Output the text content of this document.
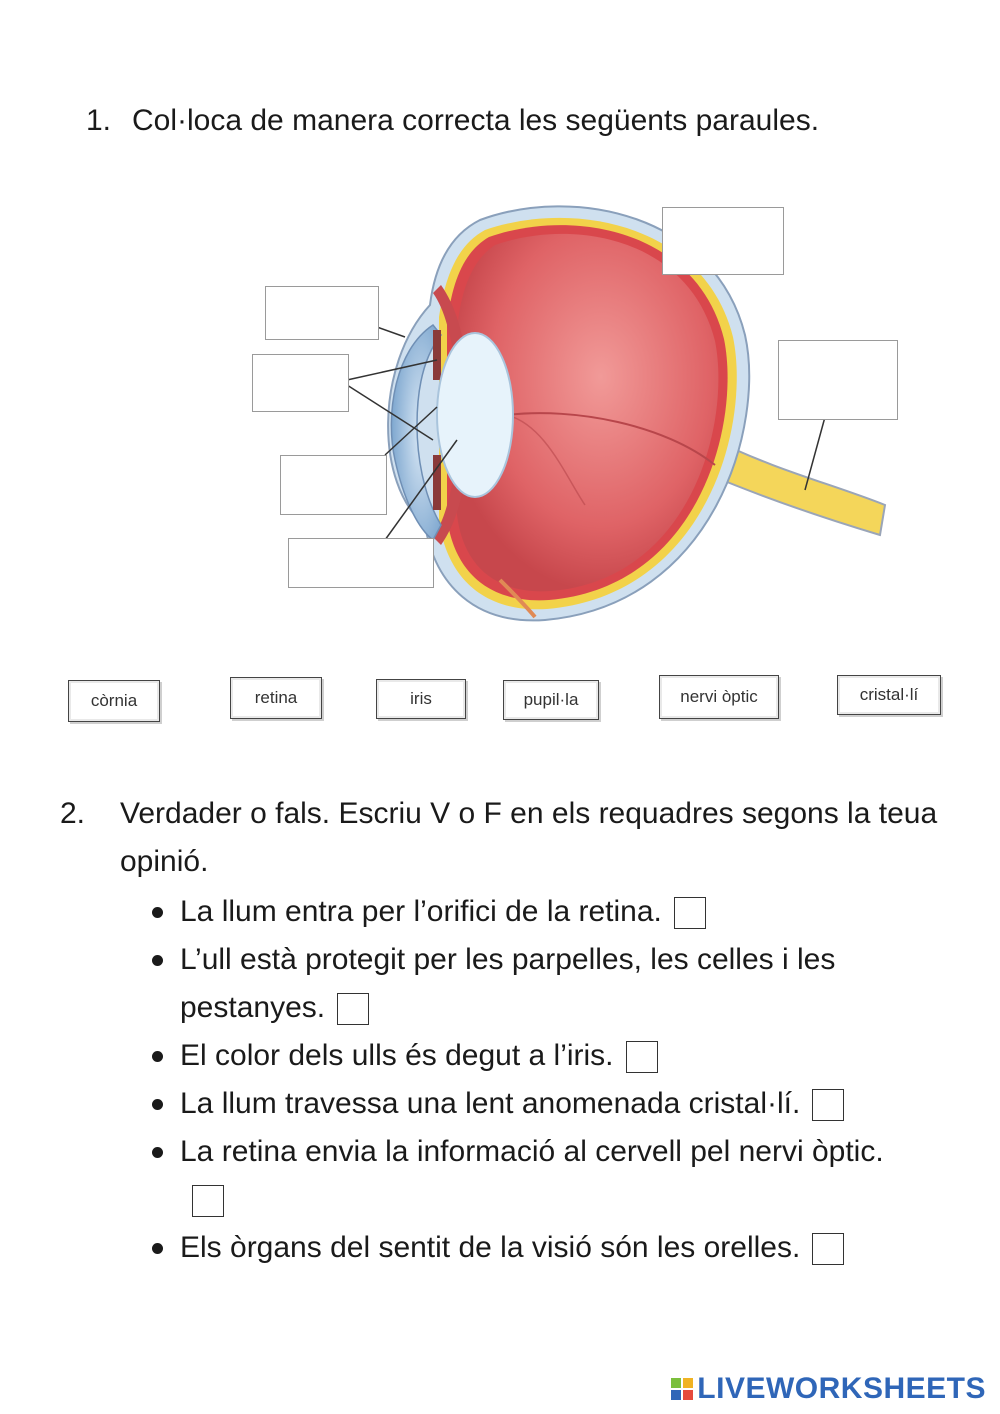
1. Col·loca de manera correcta les següents paraules.
còrnia	retina	iris	pupil·la	nervi òptic	cristal·lí
2. Verdader o fals. Escriu V o F en els requadres segons la teua opinió.
La llum entra per l’orifici de la retina.
L’ull està protegit per les parpelles, les celles i les pestanyes.
El color dels ulls és degut a l’iris.
La llum travessa una lent anomenada cristal·lí.
La retina envia la informació al cervell pel nervi òptic.
Els òrgans del sentit de la visió són les orelles.
LIVEWORKSHEETS
